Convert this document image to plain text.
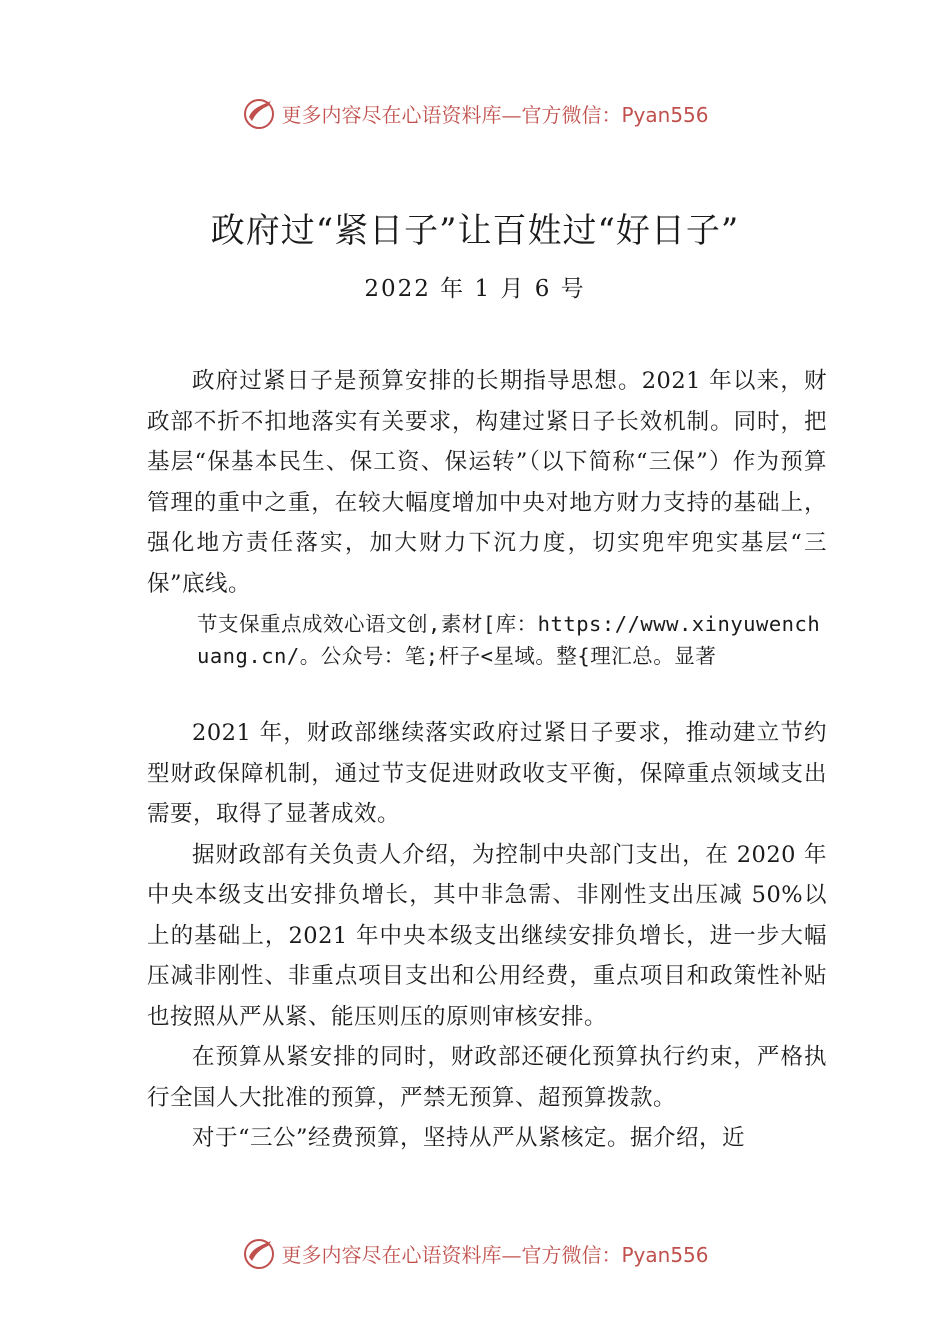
更多内容尽在心语资料库—官方微信：Pyan556
政府过“紧日子”让百姓过“好日子”
2022 年 1 月 6 号

政府过紧日子是预算安排的长期指导思想。2021 年以来，财政部不折不扣地落实有关要求，构建过紧日子长效机制。同时，把基层“保基本民生、保工资、保运转”（以下简称“三保”）作为预算管理的重中之重，在较大幅度增加中央对地方财力支持的基础上，强化地方责任落实，加大财力下沉力度，切实兜牢兜实基层“三保”底线。

节支保重点成效心语文创,素材[库：https://www.xinyuwenchuang.cn/。公众号：笔;杆子<星域。整{理汇总。显著

2021 年，财政部继续落实政府过紧日子要求，推动建立节约型财政保障机制，通过节支促进财政收支平衡，保障重点领域支出需要，取得了显著成效。

据财政部有关负责人介绍，为控制中央部门支出，在 2020 年中央本级支出安排负增长，其中非急需、非刚性支出压减 50%以上的基础上，2021 年中央本级支出继续安排负增长，进一步大幅压减非刚性、非重点项目支出和公用经费，重点项目和政策性补贴也按照从严从紧、能压则压的原则审核安排。

在预算从紧安排的同时，财政部还硬化预算执行约束，严格执行全国人大批准的预算，严禁无预算、超预算拨款。

对于“三公”经费预算，坚持从严从紧核定。据介绍，近

更多内容尽在心语资料库—官方微信：Pyan556
